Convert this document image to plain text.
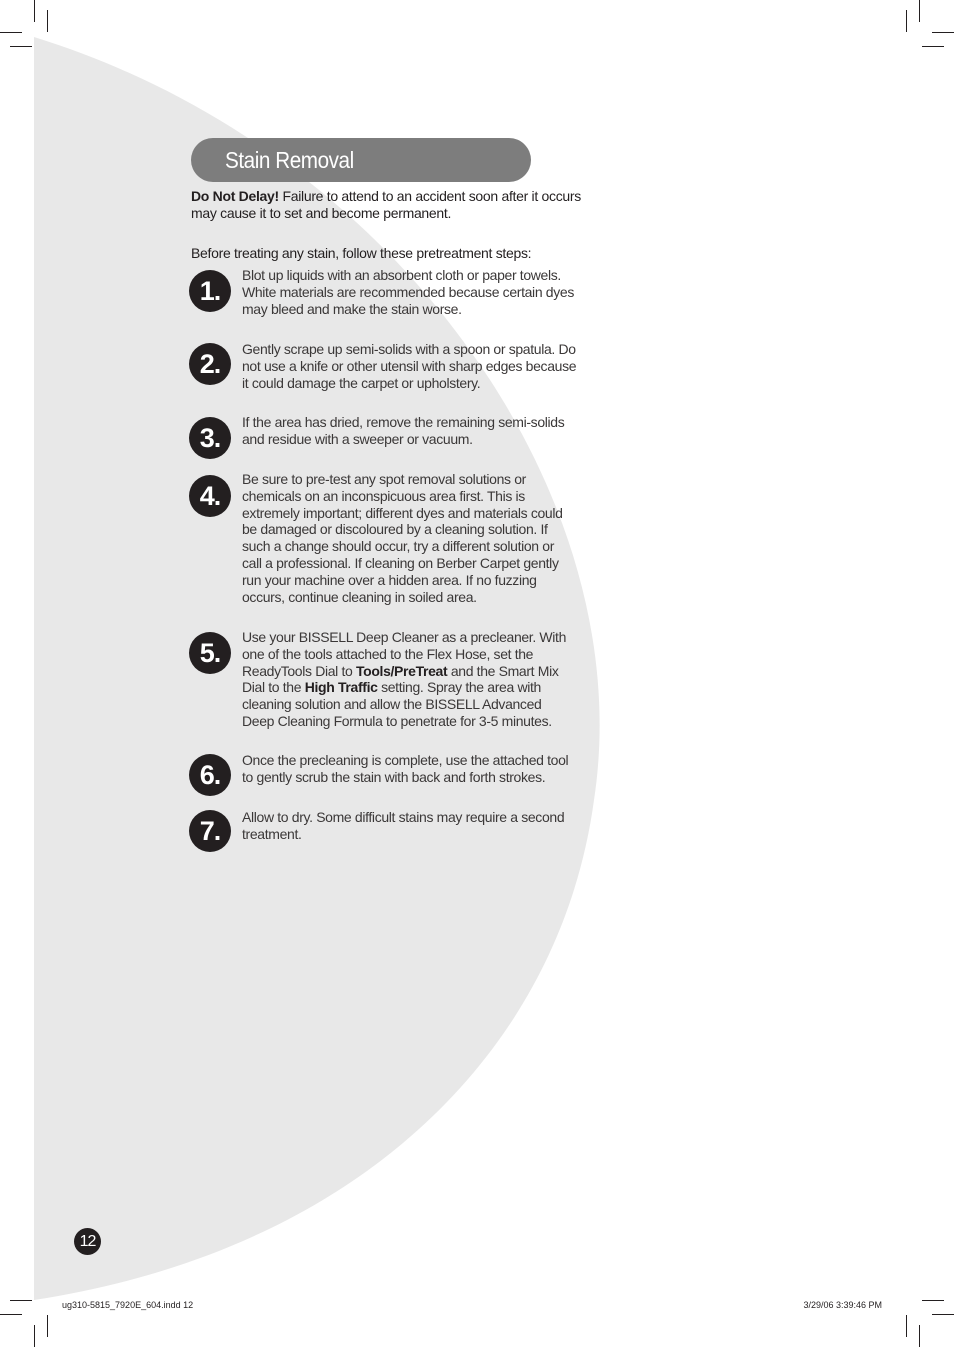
Stain Removal
Do Not Delay! Failure to attend to an accident soon after it occurs may cause it to set and become permanent.
Before treating any stain, follow these pretreatment steps:
1.
Blot up liquids with an absorbent cloth or paper towels. White materials are recommended because certain dyes may bleed and make the stain worse.
2.	Gently scrape up semi-solids with a spoon or spatula. Do not use a knife or other utensil with sharp edges because it could damage the carpet or upholstery.
3.
If the area has dried, remove the remaining semi-solids and residue with a sweeper or vacuum.
4.
Be sure to pre-test any spot removal solutions or chemicals on an inconspicuous area first. This is extremely important; different dyes and materials could be damaged or discoloured by a cleaning solution. If such a change should occur, try a different solution or call a professional. If cleaning on Berber Carpet gently run your machine over a hidden area. If no fuzzing occurs, continue cleaning in soiled area.
5.
Use your BISSELL Deep Cleaner as a precleaner. With one of the tools attached to the Flex Hose, set the ReadyTools Dial to Tools/PreTreat and the Smart Mix Dial to the High Traffic setting. Spray the area with cleaning solution and allow the BISSELL Advanced Deep Cleaning Formula to penetrate for 3-5 minutes.
6.	Once the precleaning is complete, use the attached tool to gently scrub the stain with back and forth strokes.
7.	Allow to dry. Some difficult stains may require a second treatment.
12
ug310-5815_7920E_604.indd 12	3/29/06 3:39:46 PM
